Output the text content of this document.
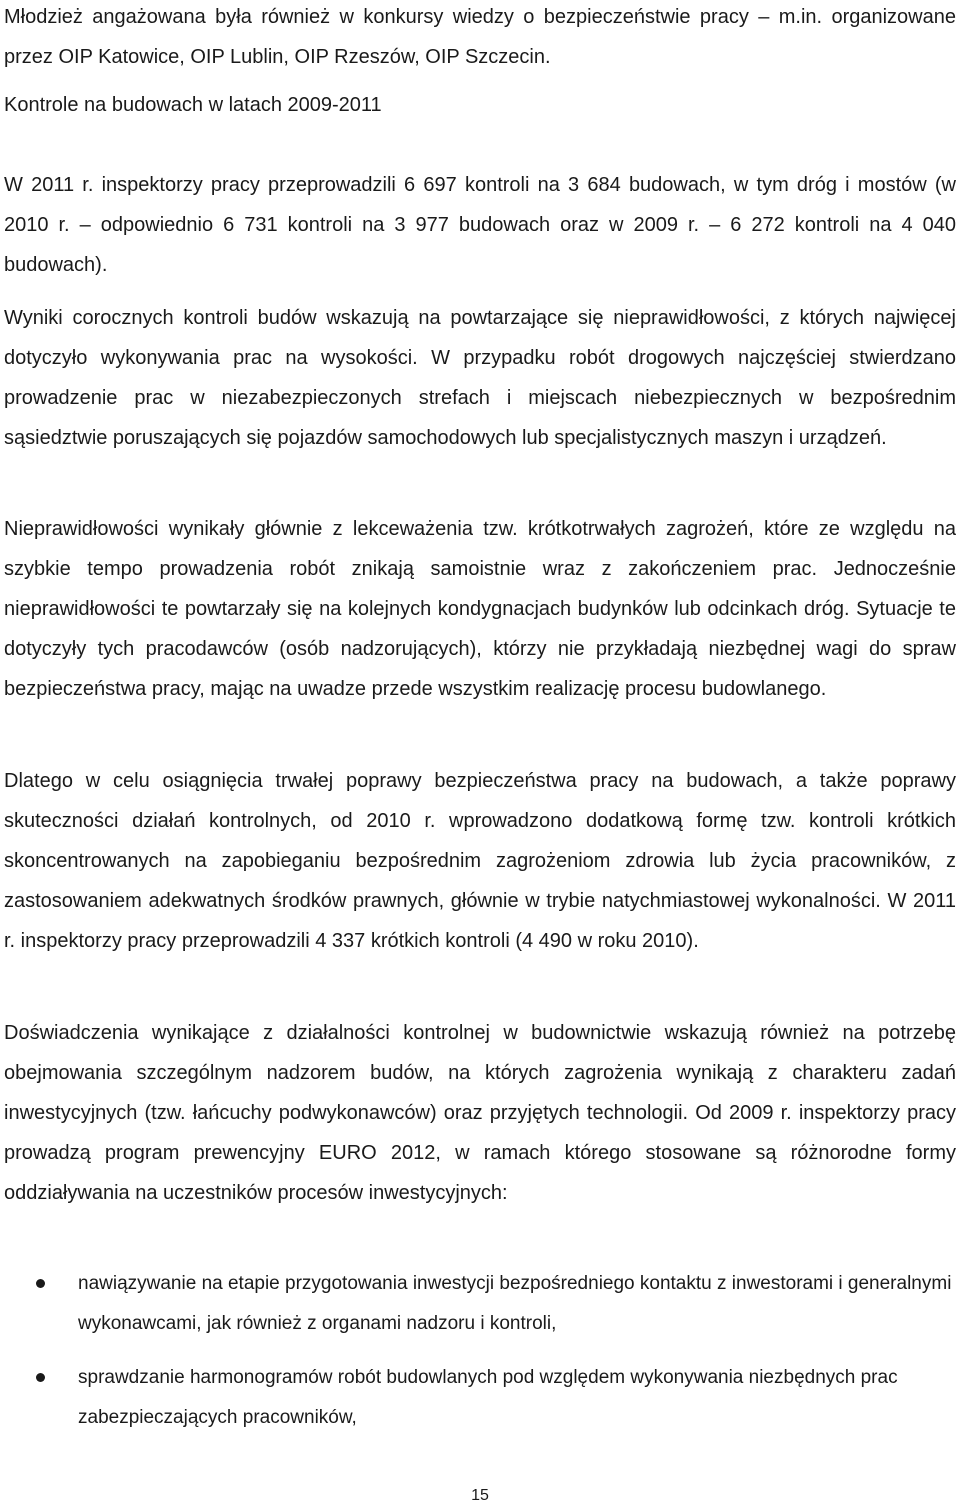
Młodzież angażowana była również w konkursy wiedzy o bezpieczeństwie pracy – m.in. organizowane przez OIP Katowice, OIP Lublin, OIP Rzeszów, OIP Szczecin.

Kontrole na budowach w latach 2009-2011

W 2011 r. inspektorzy pracy przeprowadzili 6 697 kontroli na 3 684 budowach, w tym dróg i mostów (w 2010 r. – odpowiednio 6 731 kontroli na 3 977 budowach oraz w 2009 r. – 6 272 kontroli na 4 040 budowach).

Wyniki corocznych kontroli budów wskazują na powtarzające się nieprawidłowości, z których najwięcej dotyczyło wykonywania prac na wysokości. W przypadku robót drogowych najczęściej stwierdzano prowadzenie prac w niezabezpieczonych strefach i miejscach niebezpiecznych w bezpośrednim sąsiedztwie poruszających się pojazdów samochodowych lub specjalistycznych maszyn i urządzeń.

Nieprawidłowości wynikały głównie z lekceważenia tzw. krótkotrwałych zagrożeń, które ze względu na szybkie tempo prowadzenia robót znikają samoistnie wraz z zakończeniem prac. Jednocześnie nieprawidłowości te powtarzały się na kolejnych kondygnacjach budynków lub odcinkach dróg. Sytuacje te dotyczyły tych pracodawców (osób nadzorujących), którzy nie przykładają niezbędnej wagi do spraw bezpieczeństwa pracy, mając na uwadze przede wszystkim realizację procesu budowlanego.

Dlatego w celu osiągnięcia trwałej poprawy bezpieczeństwa pracy na budowach, a także poprawy skuteczności działań kontrolnych, od 2010 r. wprowadzono dodatkową formę tzw. kontroli krótkich skoncentrowanych na zapobieganiu bezpośrednim zagrożeniom zdrowia lub życia pracowników, z zastosowaniem adekwatnych środków prawnych, głównie w trybie natychmiastowej wykonalności. W 2011 r. inspektorzy pracy przeprowadzili 4 337 krótkich kontroli (4 490 w roku 2010).

Doświadczenia wynikające z działalności kontrolnej w budownictwie wskazują również na potrzebę obejmowania szczególnym nadzorem budów, na których zagrożenia wynikają z charakteru zadań inwestycyjnych (tzw. łańcuchy podwykonawców) oraz przyjętych technologii. Od 2009 r. inspektorzy pracy prowadzą program prewencyjny EURO 2012, w ramach którego stosowane są różnorodne formy oddziaływania na uczestników procesów inwestycyjnych:

nawiązywanie na etapie przygotowania inwestycji bezpośredniego kontaktu z inwestorami i generalnymi wykonawcami, jak również z organami nadzoru i kontroli,
sprawdzanie harmonogramów robót budowlanych pod względem wykonywania niezbędnych prac zabezpieczających pracowników,
15
